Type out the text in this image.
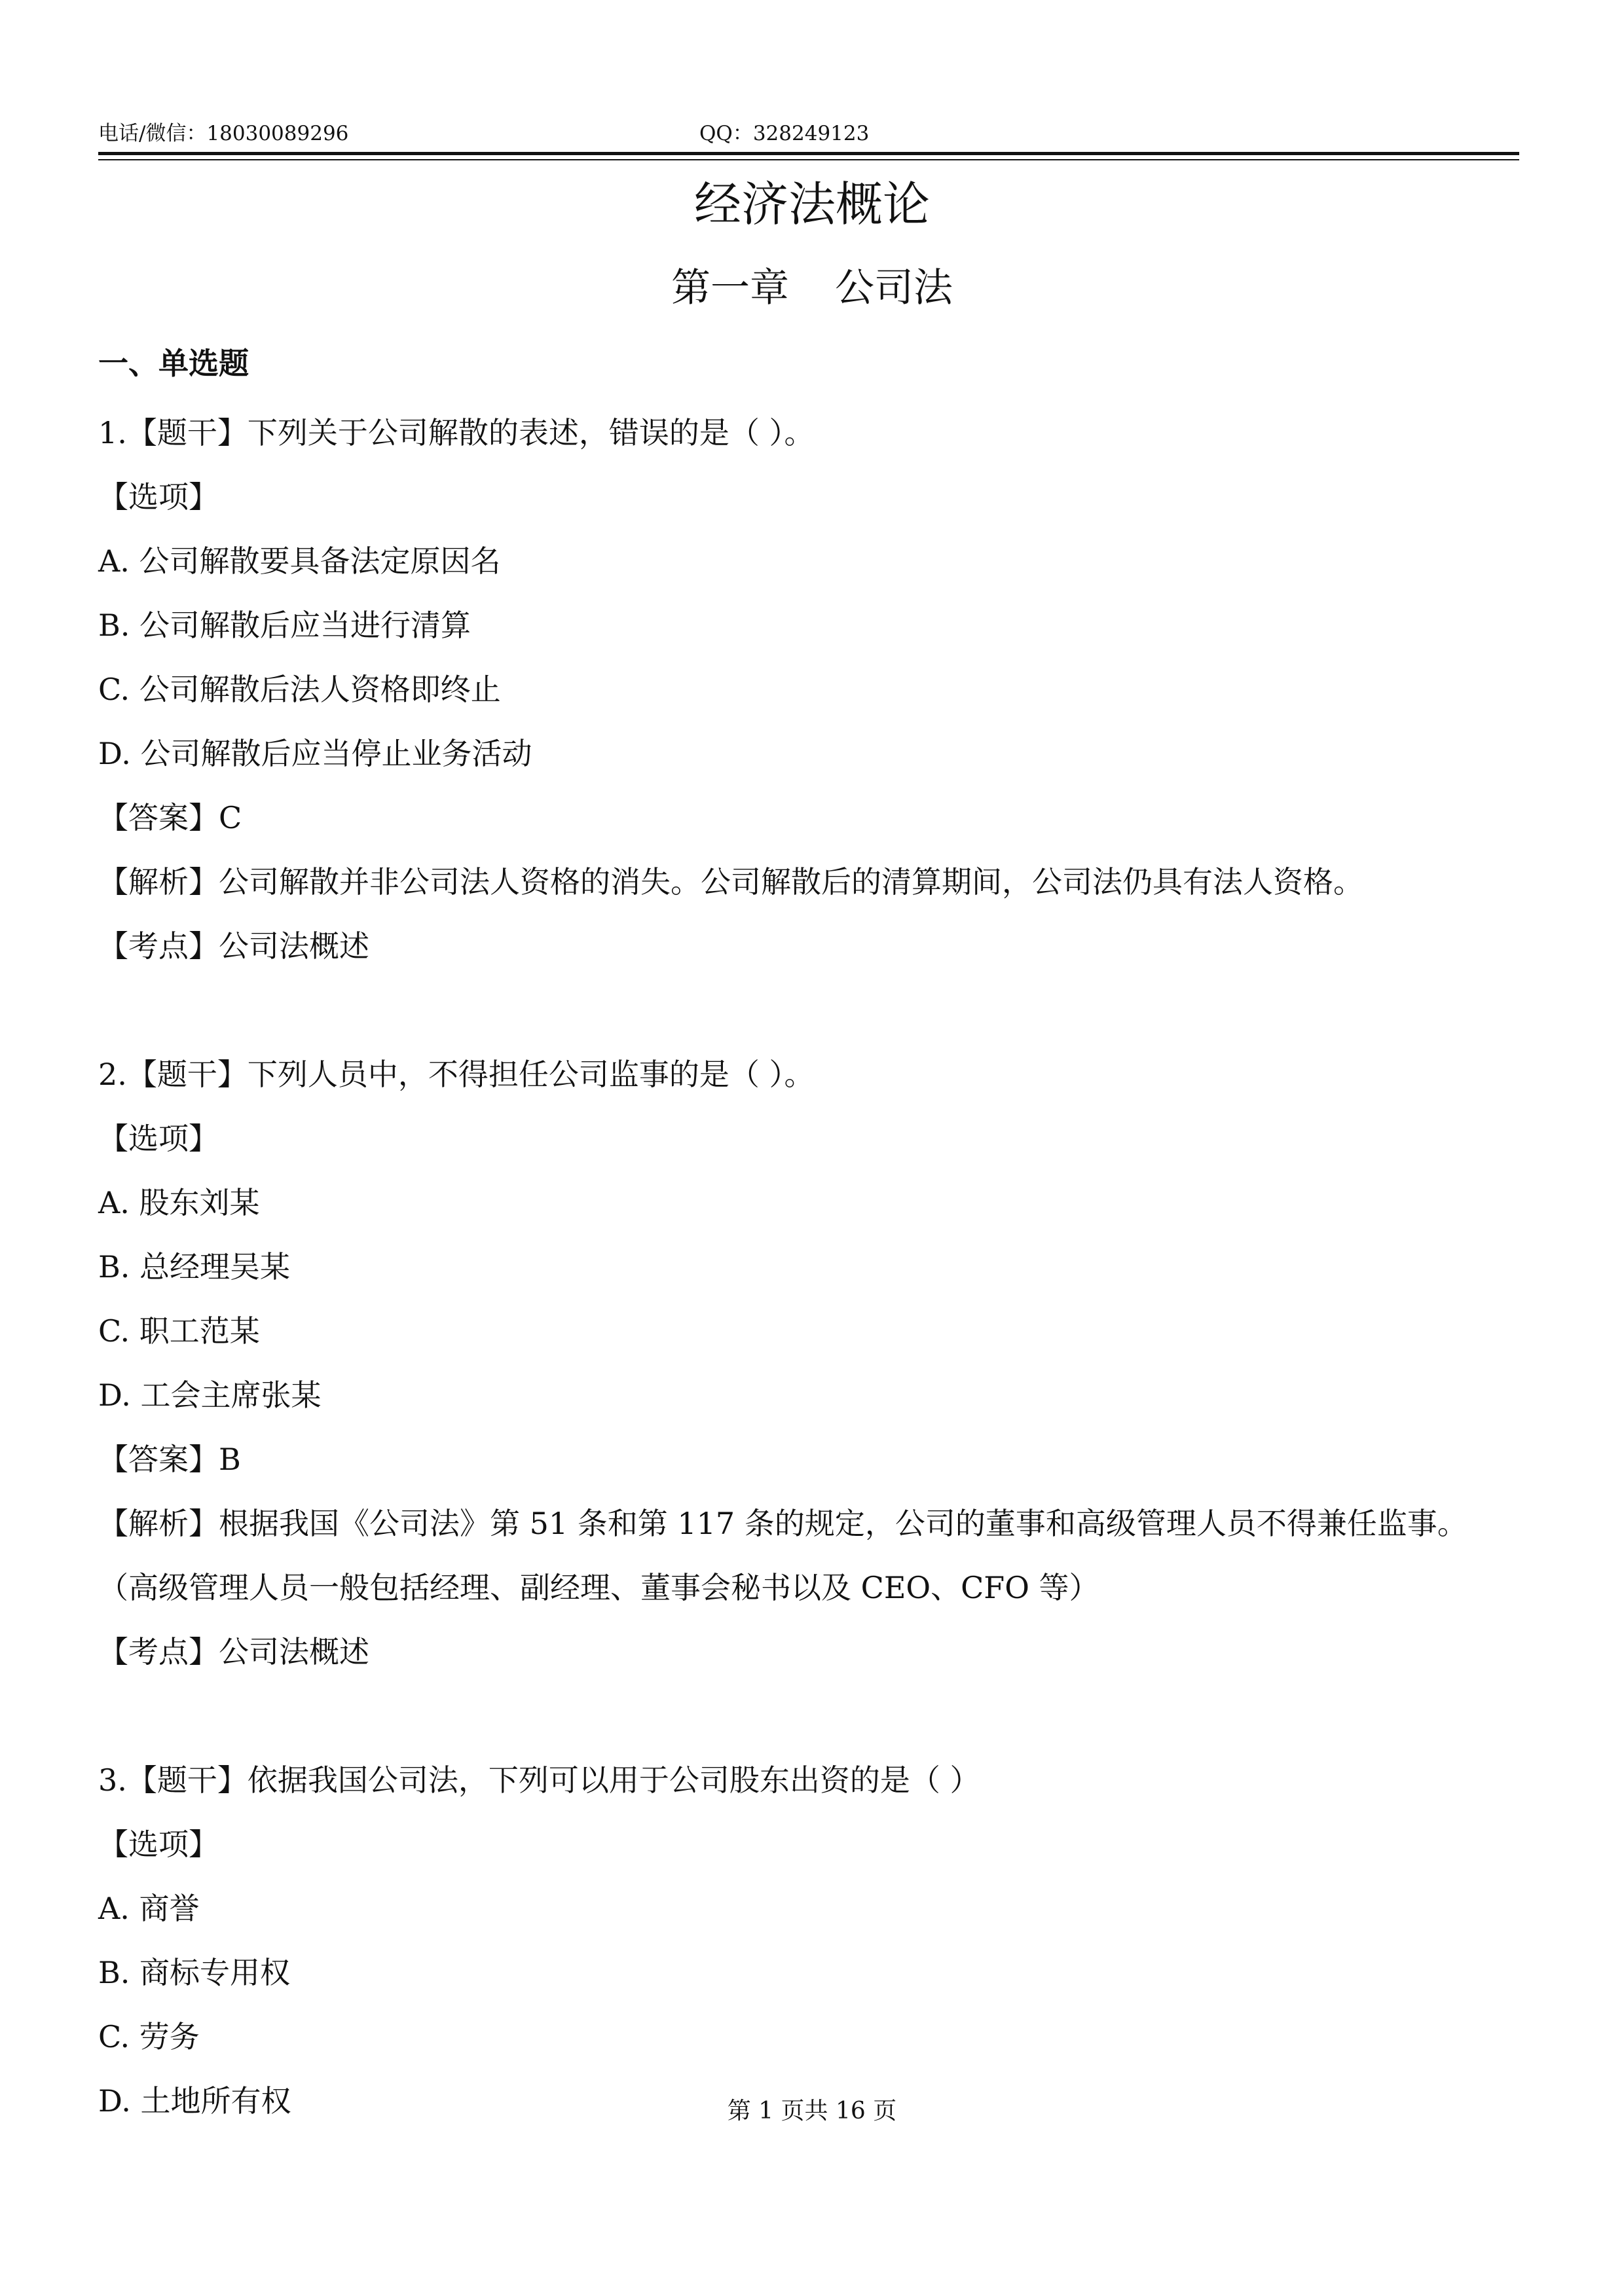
电话/微信：18030089296	QQ：328249123
经济法概论
第一章 公司法
一、单选题
1.【题干】下列关于公司解散的表述，错误的是（ ）。
【选项】
A. 公司解散要具备法定原因名
B. 公司解散后应当进行清算
C. 公司解散后法人资格即终止
D. 公司解散后应当停止业务活动
【答案】C
【解析】公司解散并非公司法人资格的消失。公司解散后的清算期间，公司法仍具有法人资格。
【考点】公司法概述
2.【题干】下列人员中，不得担任公司监事的是（ ）。
【选项】
A. 股东刘某
B. 总经理吴某
C. 职工范某
D. 工会主席张某
【答案】B
【解析】根据我国《公司法》第 51 条和第 117 条的规定，公司的董事和高级管理人员不得兼任监事。
（高级管理人员一般包括经理、副经理、董事会秘书以及 CEO、CFO 等）
【考点】公司法概述
3.【题干】依据我国公司法，下列可以用于公司股东出资的是（ ）
【选项】
A. 商誉
B. 商标专用权
C. 劳务
D. 土地所有权	第 1 页共 16 页
